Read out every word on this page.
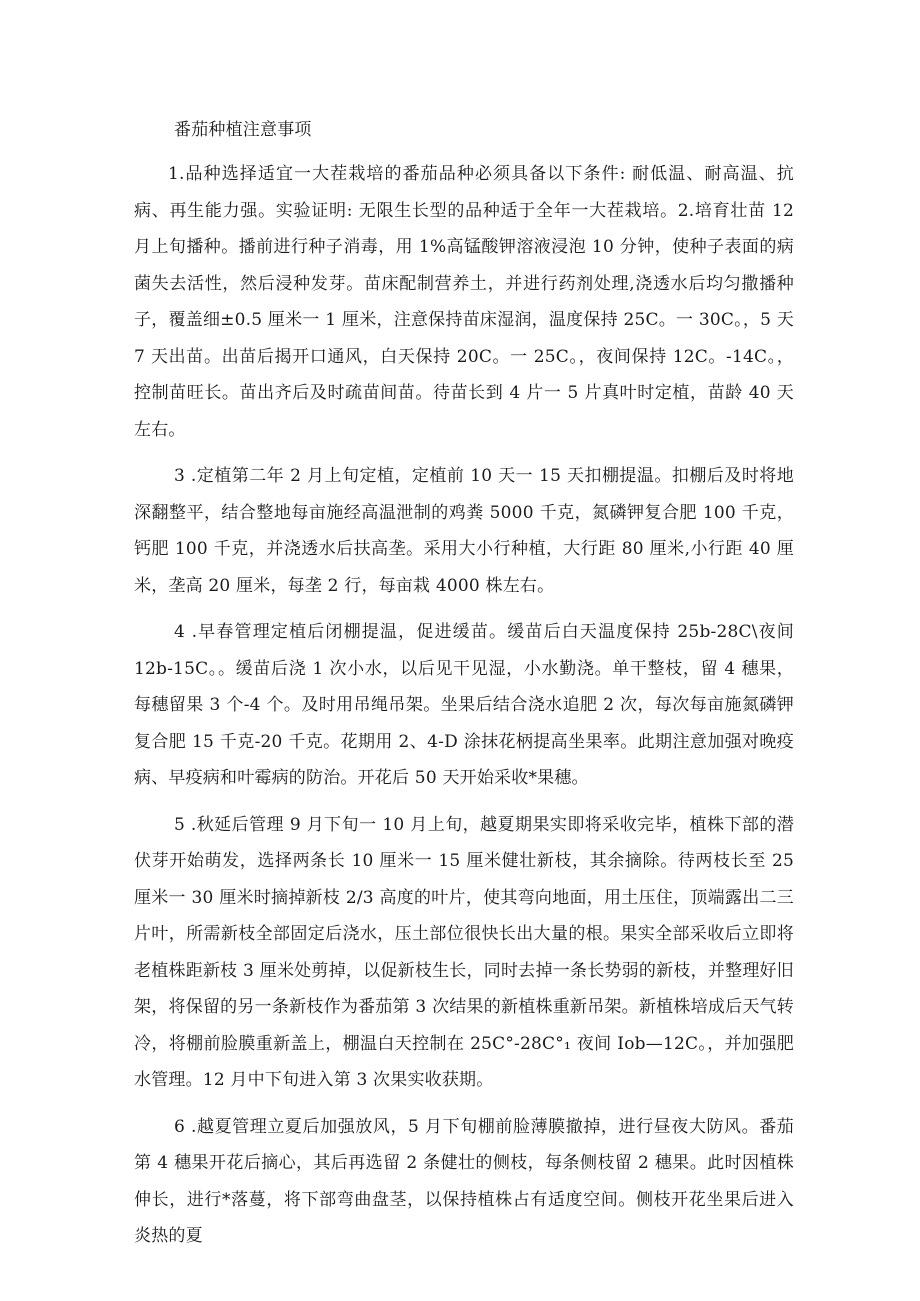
番茄种植注意事项

1.品种选择适宜一大茬栽培的番茄品种必须具备以下条件: 耐低温、耐高温、抗病、再生能力强。实验证明: 无限生长型的品种适于全年一大茬栽培。2.培育壮苗 12 月上旬播种。播前进行种子消毒，用 1%高锰酸钾溶液浸泡 10 分钟，使种子表面的病菌失去活性，然后浸种发芽。苗床配制营养土，并进行药剂处理,浇透水后均匀撒播种子，覆盖细±0.5 厘米一 1 厘米，注意保持苗床湿润，温度保持 25C。一 30C。，5 天 7 天出苗。出苗后揭开口通风，白天保持 20C。一 25C。，夜间保持 12C。-14C。，控制苗旺长。苗出齐后及时疏苗间苗。待苗长到 4 片一 5 片真叶时定植，苗龄 40 天左右。

3 .定植第二年 2 月上旬定植，定植前 10 天一 15 天扣棚提温。扣棚后及时将地深翻整平，结合整地每亩施经高温泄制的鸡粪 5000 千克，氮磷钾复合肥 100 千克，钙肥 100 千克，并浇透水后扶高垄。采用大小行种植，大行距 80 厘米,小行距 40 厘米，垄高 20 厘米，每垄 2 行，每亩栽 4000 株左右。

4 .早春管理定植后闭棚提温，促进缓苗。缓苗后白天温度保持 25b-28C\夜间 12b-15C。。缓苗后浇 1 次小水，以后见干见湿，小水勤浇。单干整枝，留 4 穗果，每穗留果 3 个-4 个。及时用吊绳吊架。坐果后结合浇水追肥 2 次，每次每亩施氮磷钾复合肥 15 千克-20 千克。花期用 2、4-D 涂抹花柄提高坐果率。此期注意加强对晚疫病、早疫病和叶霉病的防治。开花后 50 天开始采收*果穗。

5 .秋延后管理 9 月下旬一 10 月上旬，越夏期果实即将采收完毕，植株下部的潜伏芽开始萌发，选择两条长 10 厘米一 15 厘米健壮新枝，其余摘除。待两枝长至 25 厘米一 30 厘米时摘掉新枝 2/3 高度的叶片，使其弯向地面，用土压住，顶端露出二三片叶，所需新枝全部固定后浇水，压土部位很快长出大量的根。果实全部采收后立即将老植株距新枝 3 厘米处剪掉，以促新枝生长，同时去掉一条长势弱的新枝，并整理好旧架，将保留的另一条新枝作为番茄第 3 次结果的新植株重新吊架。新植株培成后天气转冷，将棚前脸膜重新盖上，棚温白天控制在 25C°-28C°₁ 夜间 Iob—12C。，并加强肥水管理。12 月中下旬进入第 3 次果实收获期。

6 .越夏管理立夏后加强放风，5 月下旬棚前脸薄膜撤掉，进行昼夜大防风。番茄第 4 穗果开花后摘心，其后再选留 2 条健壮的侧枝，每条侧枝留 2 穗果。此时因植株伸长，进行*落蔓，将下部弯曲盘茎，以保持植株占有适度空间。侧枝开花坐果后进入炎热的夏
